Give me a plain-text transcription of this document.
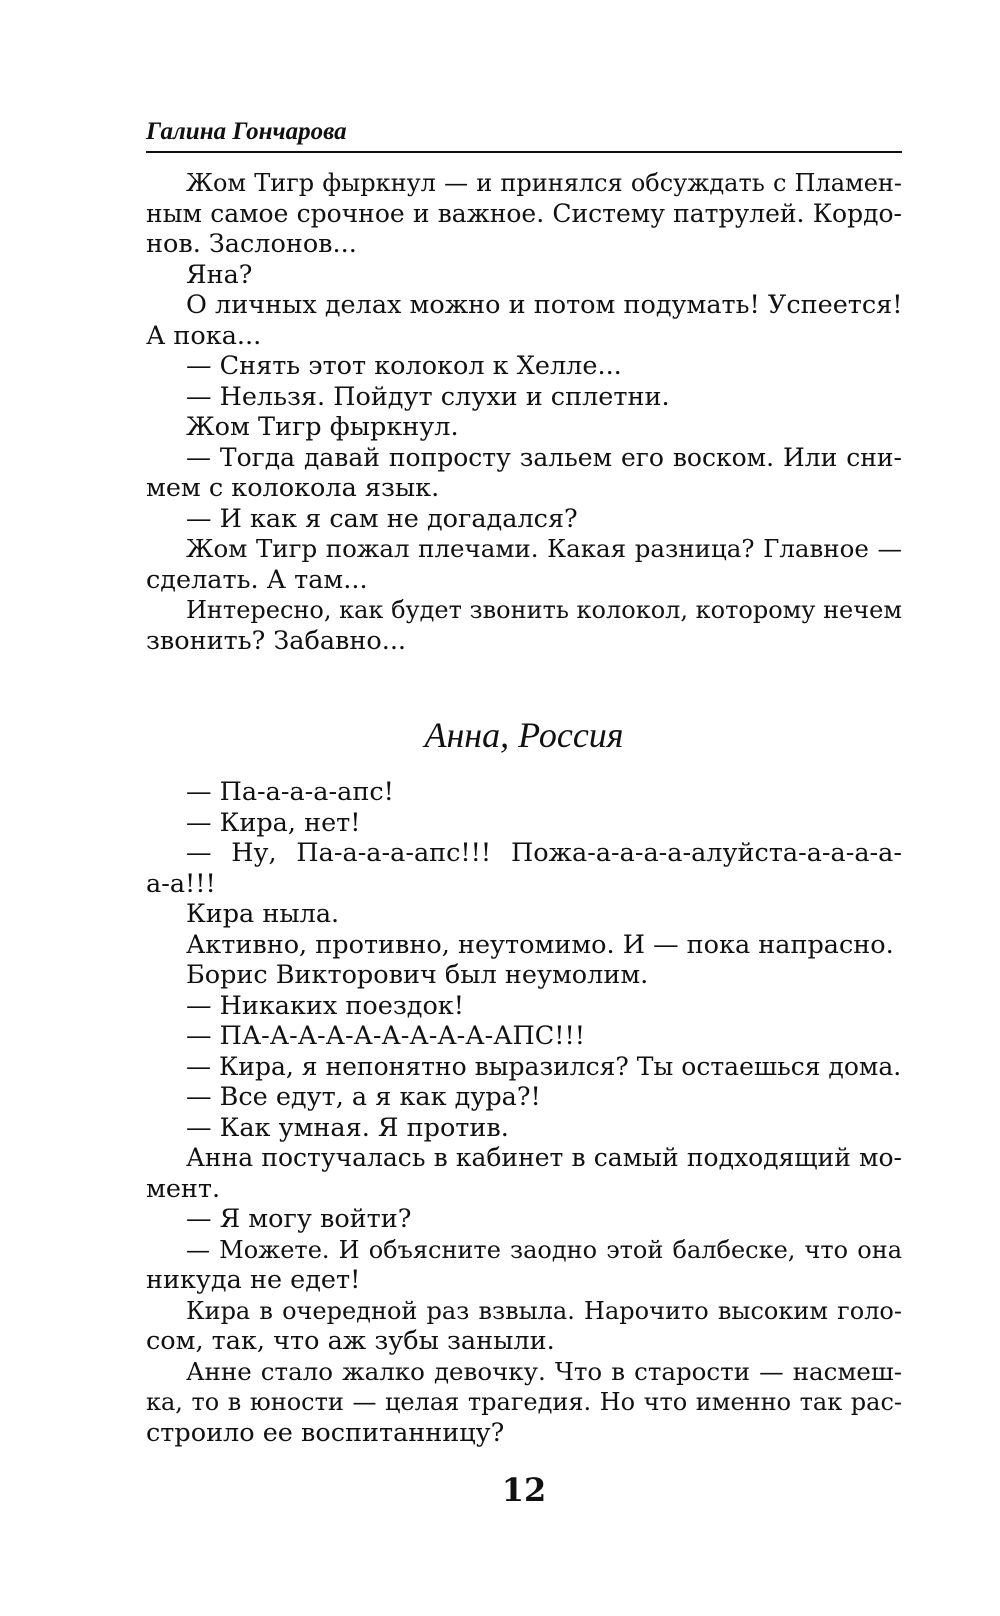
Галина Гончарова
Жом Тигр фыркнул — и принялся обсуждать с Пламен-
ным самое срочное и важное. Систему патрулей. Кордо-
нов. Заслонов...
Яна?
О личных делах можно и потом подумать! Успеется!
А пока...
— Снять этот колокол к Хелле...
— Нельзя. Пойдут слухи и сплетни.
Жом Тигр фыркнул.
— Тогда давай попросту зальем его воском. Или сни-
мем с колокола язык.
— И как я сам не догадался?
Жом Тигр пожал плечами. Какая разница? Главное —
сделать. А там...
Интересно, как будет звонить колокол, которому нечем
звонить? Забавно...
Анна, Россия
— Па-а-а-а-апс!
— Кира, нет!
— Ну, Па-а-а-а-апс!!! Пожа-а-а-а-а-алуйста-а-а-а-а-
а-а!!!
Кира ныла.
Активно, противно, неутомимо. И — пока напрасно.
Борис Викторович был неумолим.
— Никаких поездок!
— ПА-А-А-А-А-А-А-А-А-АПС!!!
— Кира, я непонятно выразился? Ты остаешься дома.
— Все едут, а я как дура?!
— Как умная. Я против.
Анна постучалась в кабинет в самый подходящий мо-
мент.
— Я могу войти?
— Можете. И объясните заодно этой балбеске, что она
никуда не едет!
Кира в очередной раз взвыла. Нарочито высоким голо-
сом, так, что аж зубы заныли.
Анне стало жалко девочку. Что в старости — насмеш-
ка, то в юности — целая трагедия. Но что именно так рас-
строило ее воспитанницу?
12
